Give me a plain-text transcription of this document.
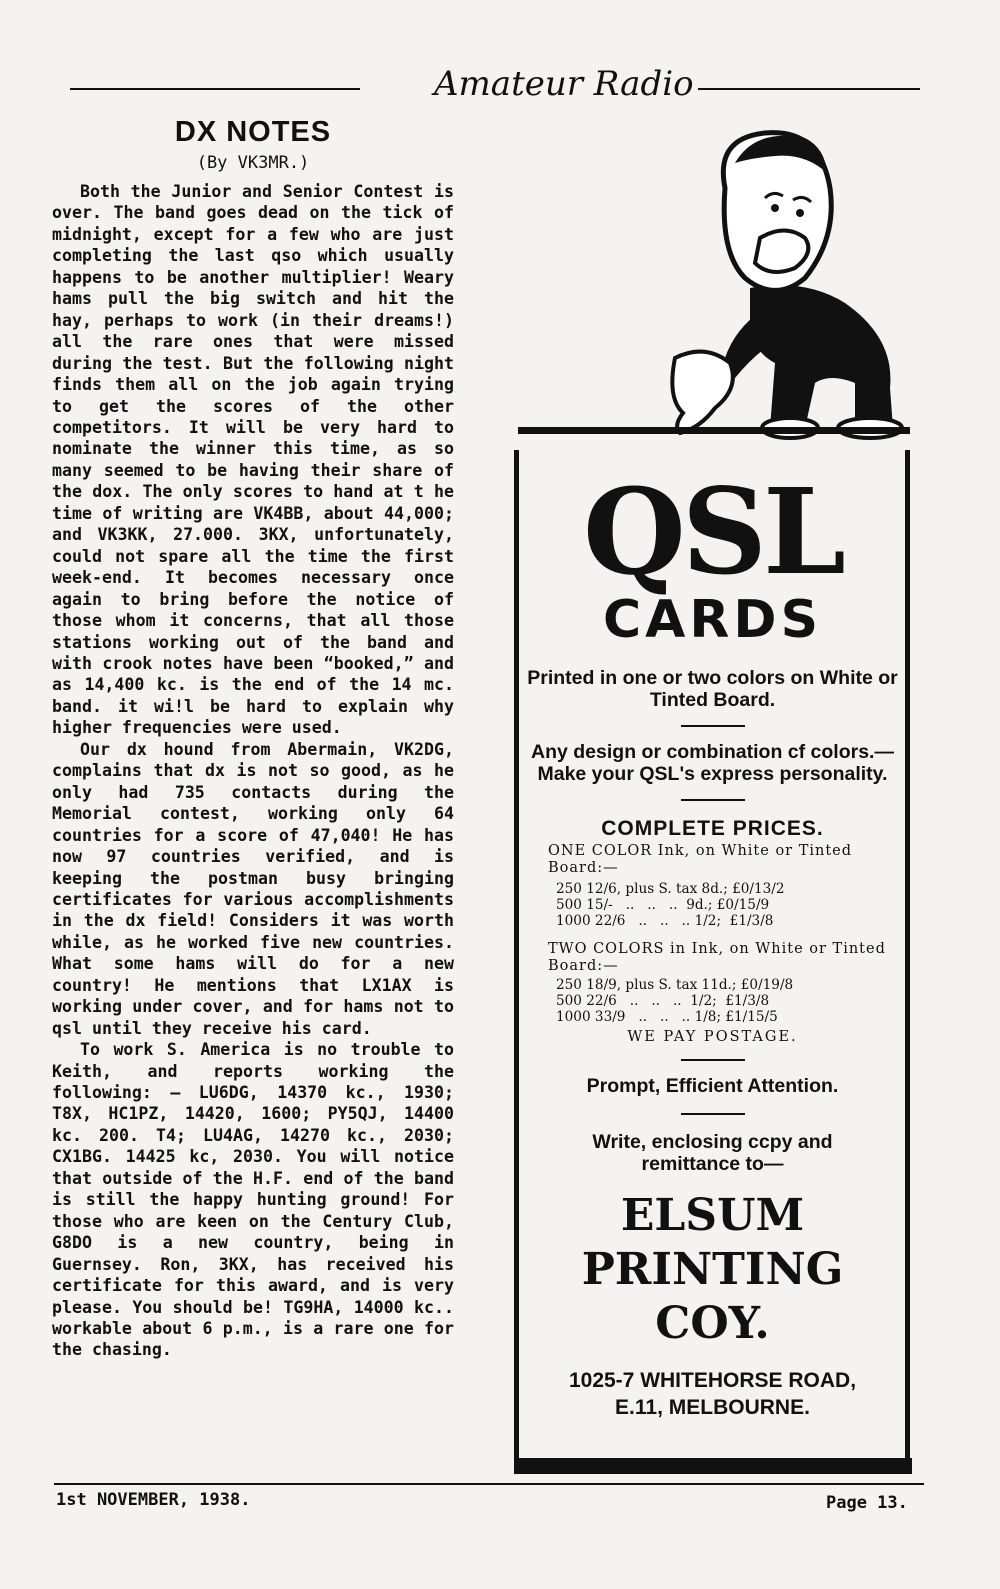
Amateur Radio
DX NOTES
(By VK3MR.)

Both the Junior and Senior Contest is over. The band goes dead on the tick of midnight, except for a few who are just completing the last qso which usually happens to be another multiplier! Weary hams pull the big switch and hit the hay, perhaps to work (in their dreams!) all the rare ones that were missed during the test. But the following night finds them all on the job again trying to get the scores of the other competitors. It will be very hard to nominate the winner this time, as so many seemed to be having their share of the dox. The only scores to hand at t he time of writing are VK4BB, about 44,000; and VK3KK, 27.000. 3KX, unfortunately, could not spare all the time the first week-end. It becomes necessary once again to bring before the notice of those whom it concerns, that all those stations working out of the band and with crook notes have been “booked,” and as 14,400 kc. is the end of the 14 mc. band. it wi!l be hard to explain why higher frequencies were used.

Our dx hound from Abermain, VK2DG, complains that dx is not so good, as he only had 735 contacts during the Memorial contest, working only 64 countries for a score of 47,040! He has now 97 countries verified, and is keeping the postman busy bringing certificates for various accomplishments in the dx field! Considers it was worth while, as he worked five new countries. What some hams will do for a new country! He mentions that LX1AX is working under cover, and for hams not to qsl until they receive his card.

To work S. America is no trouble to Keith, and reports working the following: — LU6DG, 14370 kc., 1930; T8X, HC1PZ, 14420, 1600; PY5QJ, 14400 kc. 200. T4; LU4AG, 14270 kc., 2030; CX1BG. 14425 kc, 2030. You will notice that outside of the H.F. end of the band is still the happy hunting ground! For those who are keen on the Century Club, G8DO is a new country, being in Guernsey. Ron, 3KX, has received his certificate for this award, and is very please. You should be! TG9HA, 14000 kc.. workable about 6 p.m., is a rare one for the chasing.

QSL
CARDS

Printed in one or two colors on White or Tinted Board.

Any design or combination cf colors.—Make your QSL's express personality.

COMPLETE PRICES.
ONE COLOR Ink, on White or Tinted Board:—
250 12/6, plus S. tax 8d.; £0/13/2
500 15/-   ..   ..   ..  9d.; £0/15/9
1000 22/6   ..   ..   .. 1/2;  £1/3/8
TWO COLORS in Ink, on White or Tinted Board:—
250 18/9, plus S. tax 11d.; £0/19/8
500 22/6   ..   ..   ..  1/2;  £1/3/8
1000 33/9   ..   ..   .. 1/8; £1/15/5
WE PAY POSTAGE.

Prompt, Efficient Attention.

Write, enclosing ccpy and remittance to—

ELSUM
PRINTING
COY.
1025-7 WHITEHORSE ROAD,
E.11, MELBOURNE.
1st NOVEMBER, 1938.	Page 13.
